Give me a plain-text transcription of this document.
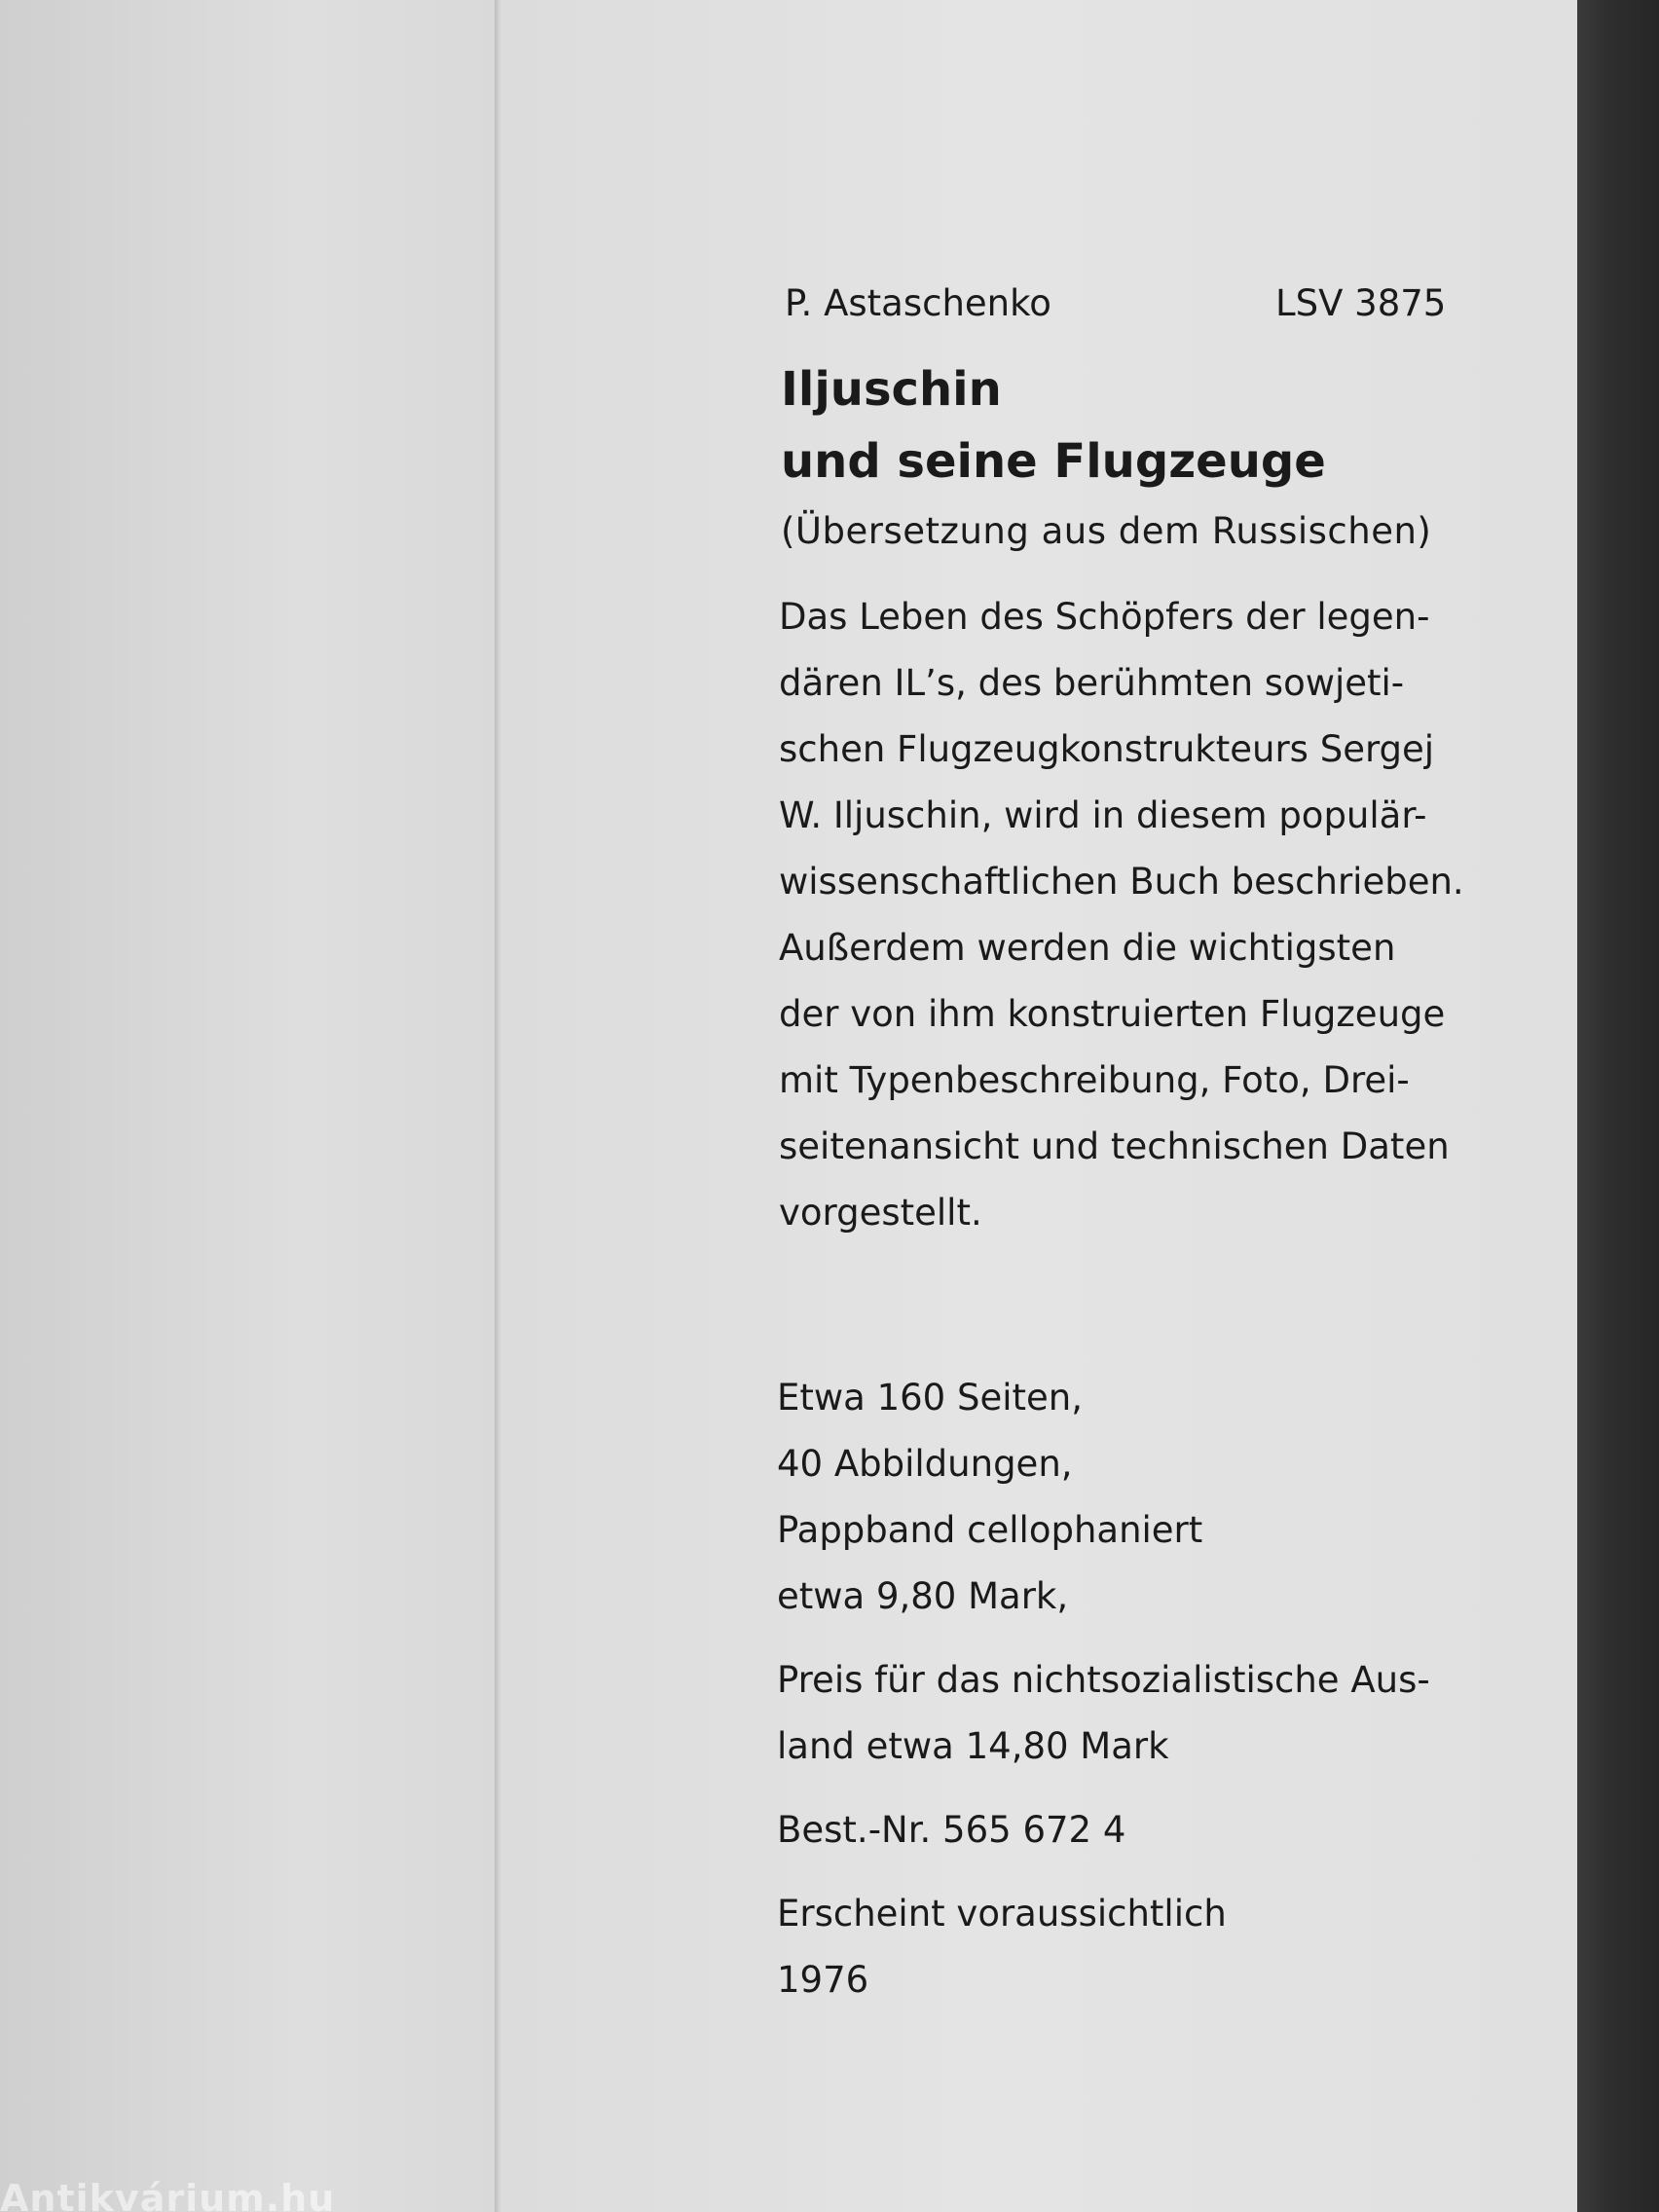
P. Astaschenko	LSV 3875
Iljuschin
und seine Flugzeuge
(Übersetzung aus dem Russischen)
Das Leben des Schöpfers der legen-
dären IL’s, des berühmten sowjeti-
schen Flugzeugkonstrukteurs Sergej
W. Iljuschin, wird in diesem populär-
wissenschaftlichen Buch beschrieben.
Außerdem werden die wichtigsten
der von ihm konstruierten Flugzeuge
mit Typenbeschreibung, Foto, Drei-
seitenansicht und technischen Daten
vorgestellt.
Etwa 160 Seiten,
40 Abbildungen,
Pappband cellophaniert
etwa 9,80 Mark,
Preis für das nichtsozialistische Aus-
land etwa 14,80 Mark
Best.-Nr. 565 672 4
Erscheint voraussichtlich
1976
Antikvárium.hu
